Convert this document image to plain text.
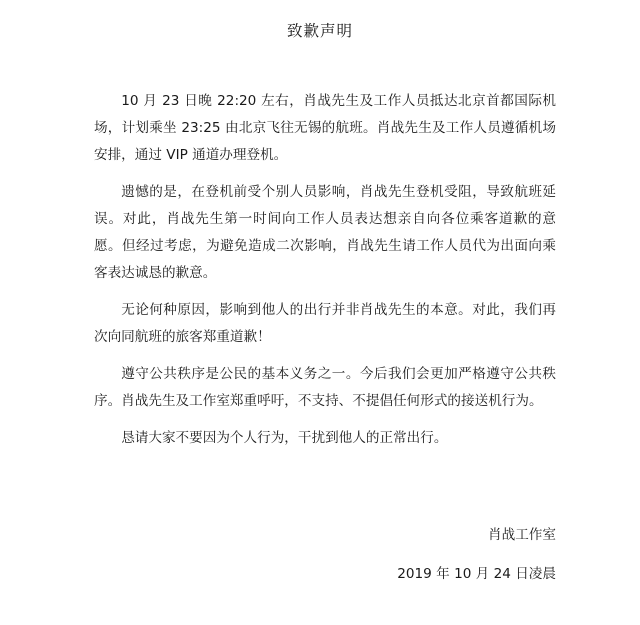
致歉声明

10 月 23 日晚 22:20 左右，肖战先生及工作人员抵达北京首都国际机场，计划乘坐 23:25 由北京飞往无锡的航班。肖战先生及工作人员遵循机场安排，通过 VIP 通道办理登机。

遗憾的是，在登机前受个别人员影响，肖战先生登机受阻，导致航班延误。对此，肖战先生第一时间向工作人员表达想亲自向各位乘客道歉的意愿。但经过考虑，为避免造成二次影响，肖战先生请工作人员代为出面向乘客表达诚恳的歉意。

无论何种原因，影响到他人的出行并非肖战先生的本意。对此，我们再次向同航班的旅客郑重道歉！

遵守公共秩序是公民的基本义务之一。今后我们会更加严格遵守公共秩序。肖战先生及工作室郑重呼吁，不支持、不提倡任何形式的接送机行为。

恳请大家不要因为个人行为，干扰到他人的正常出行。

肖战工作室
2019 年 10 月 24 日凌晨
